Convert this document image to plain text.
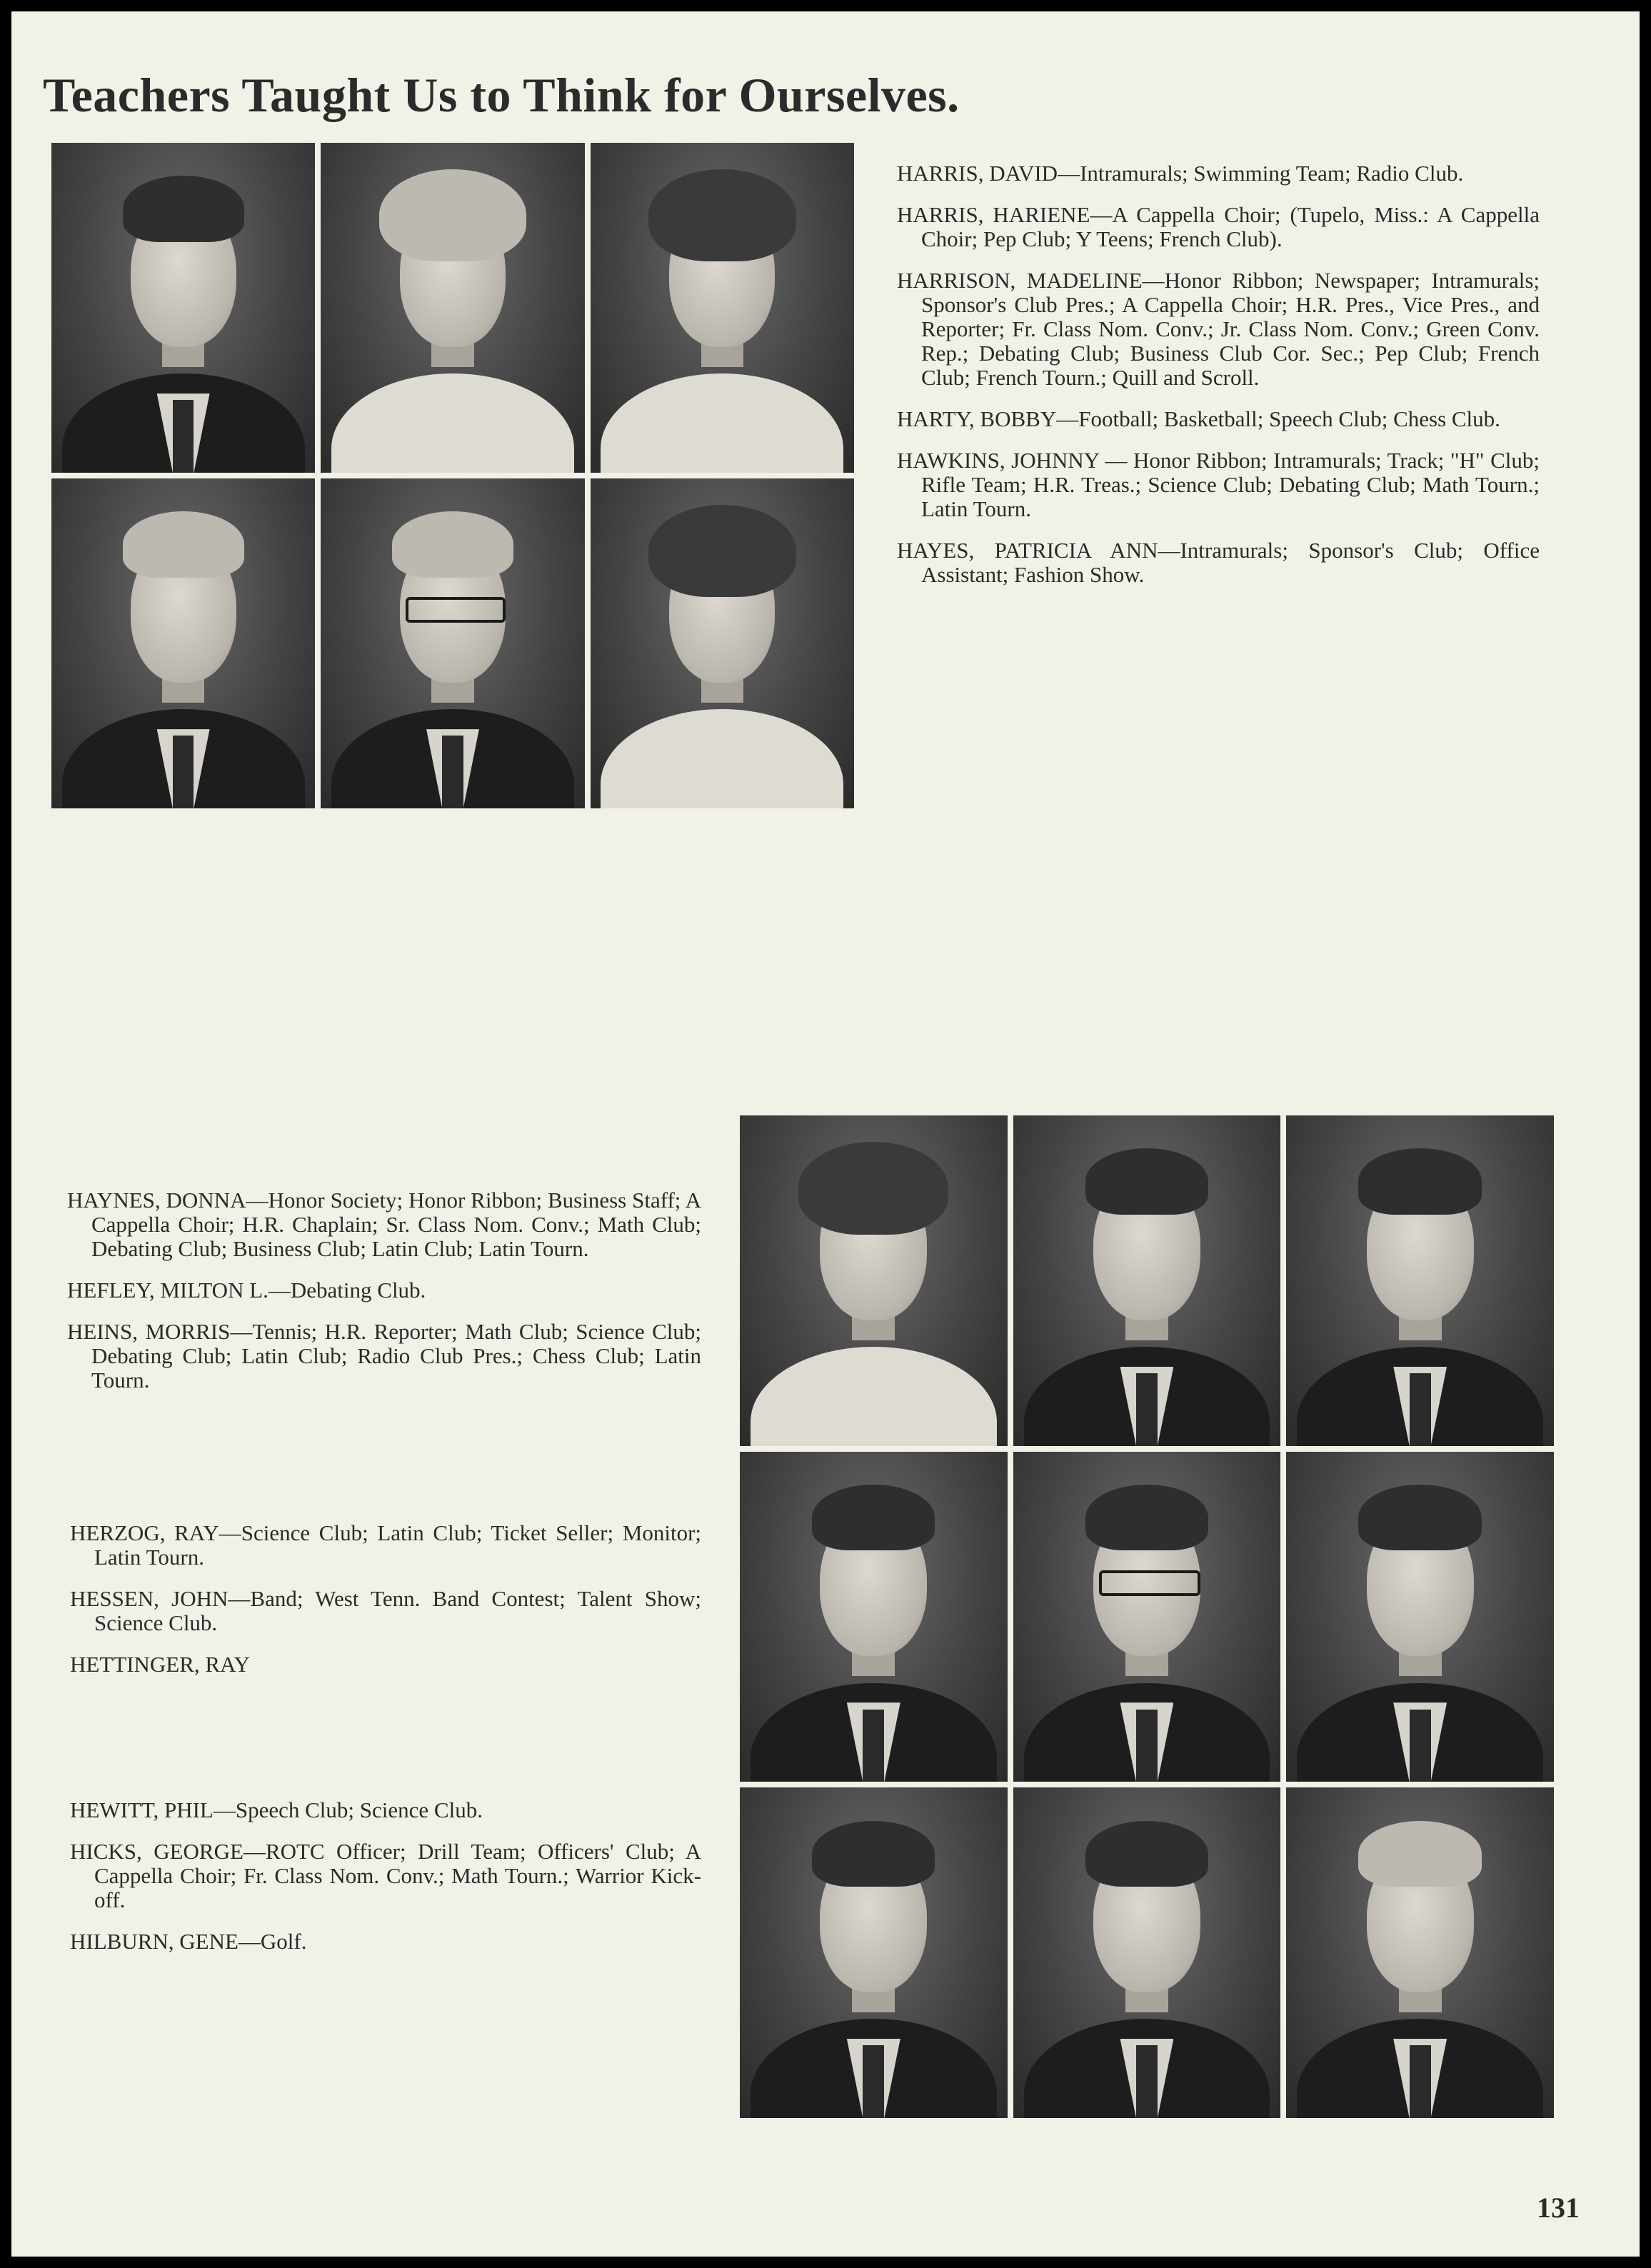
Teachers Taught Us to Think for Ourselves.
HARRIS, DAVID—Intramurals; Swimming Team; Radio Club.
HARRIS, HARIENE—A Cappella Choir; (Tupelo, Miss.: A Cappella Choir; Pep Club; Y Teens; French Club).
HARRISON, MADELINE—Honor Ribbon; Newspaper; Intramurals; Sponsor's Club Pres.; A Cappella Choir; H.R. Pres., Vice Pres., and Reporter; Fr. Class Nom. Conv.; Jr. Class Nom. Conv.; Green Conv. Rep.; Debating Club; Business Club Cor. Sec.; Pep Club; French Club; French Tourn.; Quill and Scroll.
HARTY, BOBBY—Football; Basketball; Speech Club; Chess Club.
HAWKINS, JOHNNY — Honor Ribbon; Intramurals; Track; "H" Club; Rifle Team; H.R. Treas.; Science Club; Debating Club; Math Tourn.; Latin Tourn.
HAYES, PATRICIA ANN—Intramurals; Sponsor's Club; Office Assistant; Fashion Show.
HAYNES, DONNA—Honor Society; Honor Ribbon; Business Staff; A Cappella Choir; H.R. Chaplain; Sr. Class Nom. Conv.; Math Club; Debating Club; Business Club; Latin Club; Latin Tourn.
HEFLEY, MILTON L.—Debating Club.
HEINS, MORRIS—Tennis; H.R. Reporter; Math Club; Science Club; Debating Club; Latin Club; Radio Club Pres.; Chess Club; Latin Tourn.
HERZOG, RAY—Science Club; Latin Club; Ticket Seller; Monitor; Latin Tourn.
HESSEN, JOHN—Band; West Tenn. Band Contest; Talent Show; Science Club.
HETTINGER, RAY
HEWITT, PHIL—Speech Club; Science Club.
HICKS, GEORGE—ROTC Officer; Drill Team; Officers' Club; A Cappella Choir; Fr. Class Nom. Conv.; Math Tourn.; Warrior Kick-off.
HILBURN, GENE—Golf.
131
